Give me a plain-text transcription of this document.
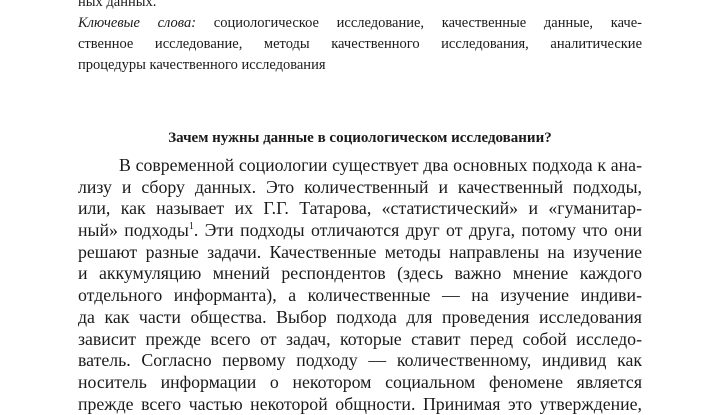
ных данных.

Ключевые слова: социологическое исследование, качественные данные, каче-
ственное исследование, методы качественного исследования, аналитические
процедуры качественного исследования

Зачем нужны данные в социологическом исследовании?

В современной социологии существует два основных подхода к ана-
лизу и сбору данных. Это количественный и качественный подходы,
или, как называет их Г.Г. Татарова, «статистический» и «гуманитар-
ный» подходы$^1$. Эти подходы отличаются друг от друга, потому что они
решают разные задачи. Качественные методы направлены на изучение
и аккумуляцию мнений респондентов (здесь важно мнение каждого
отдельного информанта), а количественные — на изучение индиви-
да как части общества. Выбор подхода для проведения исследования
зависит прежде всего от задач, которые ставит перед собой исследо-
ватель. Согласно первому подходу — количественному, индивид как
носитель информации о некотором социальном феномене является
прежде всего частью некоторой общности. Принимая это утверждение,
